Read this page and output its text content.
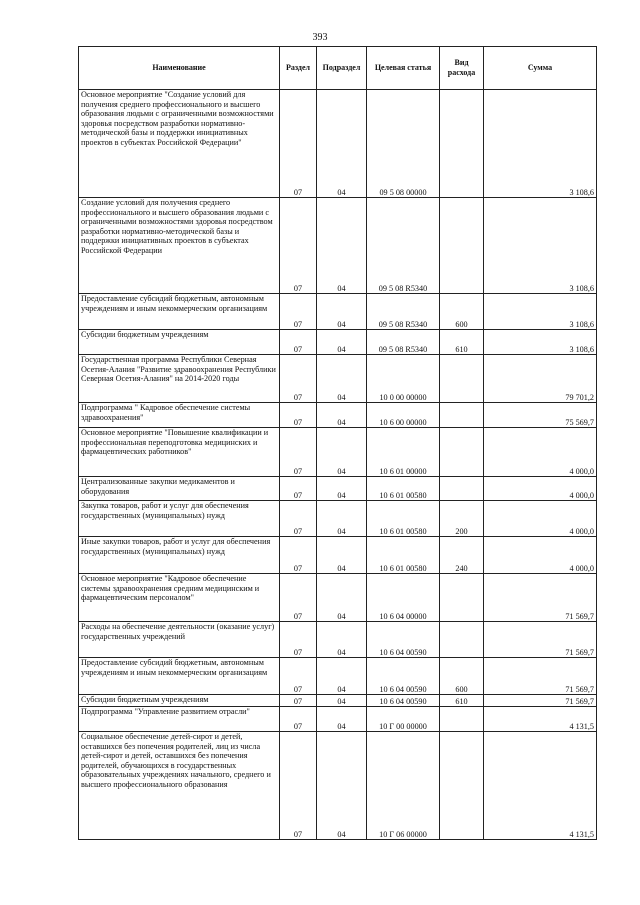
393
Наименование	Раздел	Подраздел	Целевая статья	Вид расхода	Сумма
Основное мероприятие "Создание условий для получения среднего профессионального и высшего образования людьми с ограниченными возможностями здоровья посредством разработки нормативно-методической базы и поддержки инициативных проектов в субъектах Российской Федерации"	07	04	09 5 08 00000		3 108,6
Создание условий для получения среднего профессионального и высшего образования людьми с ограниченными возможностями здоровья посредством разработки нормативно-методической базы и поддержки инициативных проектов в субъектах Российской Федерации	07	04	09 5 08 R5340		3 108,6
Предоставление субсидий бюджетным, автономным учреждениям и иным некоммерческим организациям	07	04	09 5 08 R5340	600	3 108,6
Субсидии бюджетным учреждениям	07	04	09 5 08 R5340	610	3 108,6
Государственная программа Республики Северная Осетия-Алания "Развитие здравоохранения Республики Северная Осетия-Алания" на 2014-2020 годы	07	04	10 0 00 00000		79 701,2
Подпрограмма " Кадровое обеспечение системы здравоохранения"	07	04	10 6 00 00000		75 569,7
Основное мероприятие "Повышение квалификации и профессиональная переподготовка медицинских и фармацевтических работников"	07	04	10 6 01 00000		4 000,0
Централизованные закупки медикаментов и оборудования	07	04	10 6 01 00580		4 000,0
Закупка товаров, работ и услуг для обеспечения государственных (муниципальных) нужд	07	04	10 6 01 00580	200	4 000,0
Иные закупки товаров, работ и услуг для обеспечения государственных (муниципальных) нужд	07	04	10 6 01 00580	240	4 000,0
Основное мероприятие "Кадровое обеспечение системы здравоохранения средним медицинским и фармацевтическим персоналом"	07	04	10 6 04 00000		71 569,7
Расходы на обеспечение деятельности (оказание услуг) государственных учреждений	07	04	10 6 04 00590		71 569,7
Предоставление субсидий бюджетным, автономным учреждениям и иным некоммерческим организациям	07	04	10 6 04 00590	600	71 569,7
Субсидии бюджетным учреждениям	07	04	10 6 04 00590	610	71 569,7
Подпрограмма "Управление развитием отрасли"	07	04	10 Г 00 00000		4 131,5
Социальное обеспечение детей-сирот и детей, оставшихся без попечения родителей, лиц из числа детей-сирот и детей, оставшихся без попечения родителей, обучающихся в государственных образовательных учреждениях начального, среднего и высшего профессионального образования	07	04	10 Г 06 00000		4 131,5
